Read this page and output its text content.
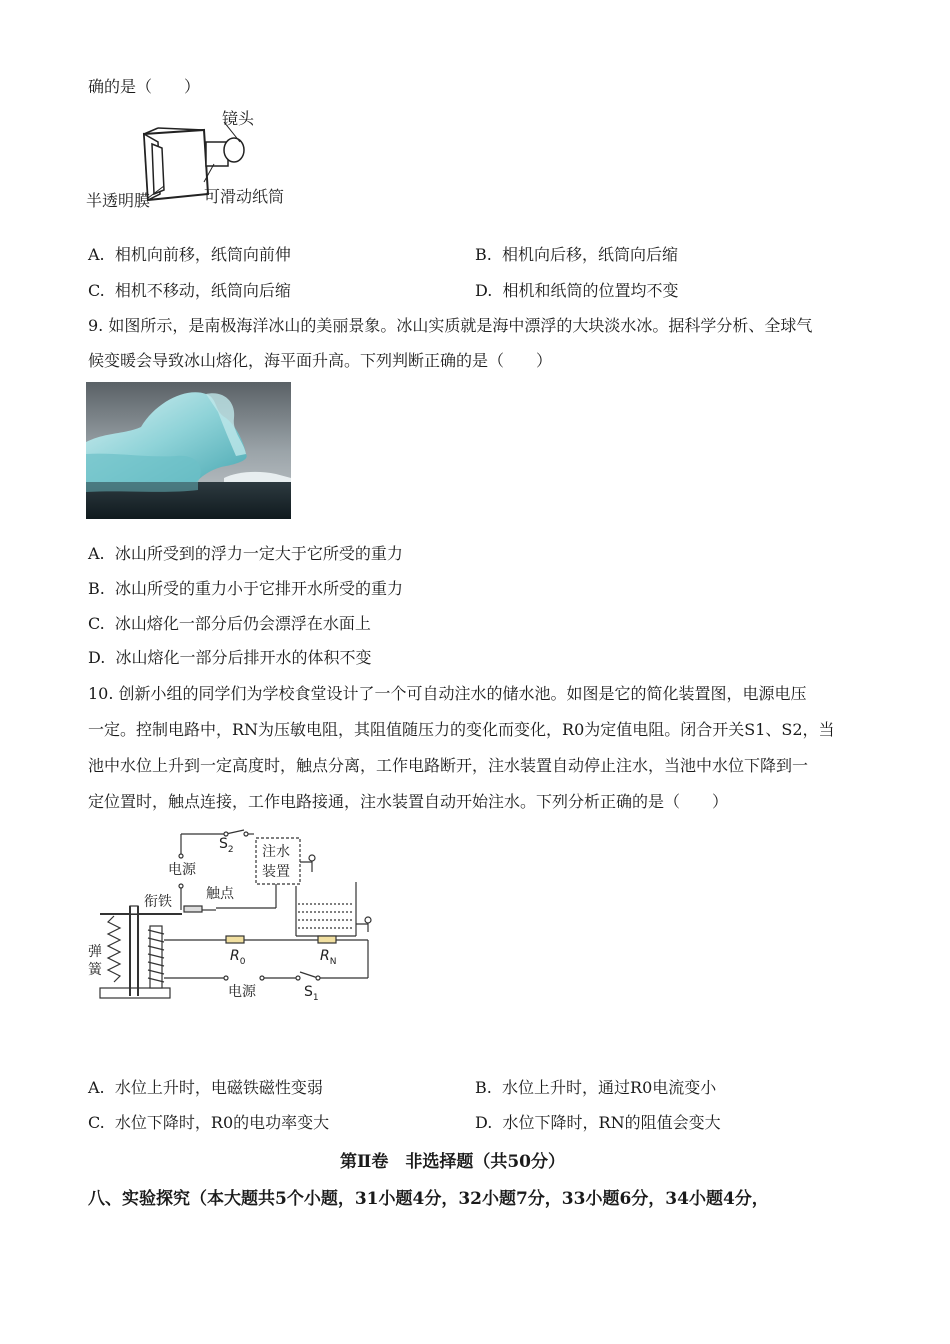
确的是（　　）
镜头
半透明膜	可滑动纸筒
A.  相机向前移，纸筒向前伸	B.  相机向后移，纸筒向后缩
C.  相机不移动，纸筒向后缩	D.  相机和纸筒的位置均不变
9. 如图所示，是南极海洋冰山的美丽景象。冰山实质就是海中漂浮的大块淡水冰。据科学分析、全球气
候变暖会导致冰山熔化，海平面升高。下列判断正确的是（　　）
A.  冰山所受到的浮力一定大于它所受的重力
B.  冰山所受的重力小于它排开水所受的重力
C.  冰山熔化一部分后仍会漂浮在水面上
D.  冰山熔化一部分后排开水的体积不变
10. 创新小组的同学们为学校食堂设计了一个可自动注水的储水池。如图是它的简化装置图，电源电压
一定。控制电路中，RN为压敏电阻，其阻值随压力的变化而变化，R0为定值电阻。闭合开关S1、S2，当
池中水位上升到一定高度时，触点分离，工作电路断开，注水装置自动停止注水，当池中水位下降到一
定位置时，触点连接，工作电路接通，注水装置自动开始注水。下列分析正确的是（　　）
$S_2$
电源
注水
装置
触点
衔铁
弹
簧
$R_0$	$R_N$
电源	$S_1$
A.  水位上升时，电磁铁磁性变弱	B.  水位上升时，通过R0电流变小
C.  水位下降时，R0的电功率变大	D.  水位下降时，RN的阻值会变大
第Ⅱ卷　非选择题（共50分）
八、实验探究（本大题共5个小题，31小题4分，32小题7分，33小题6分，34小题4分，
